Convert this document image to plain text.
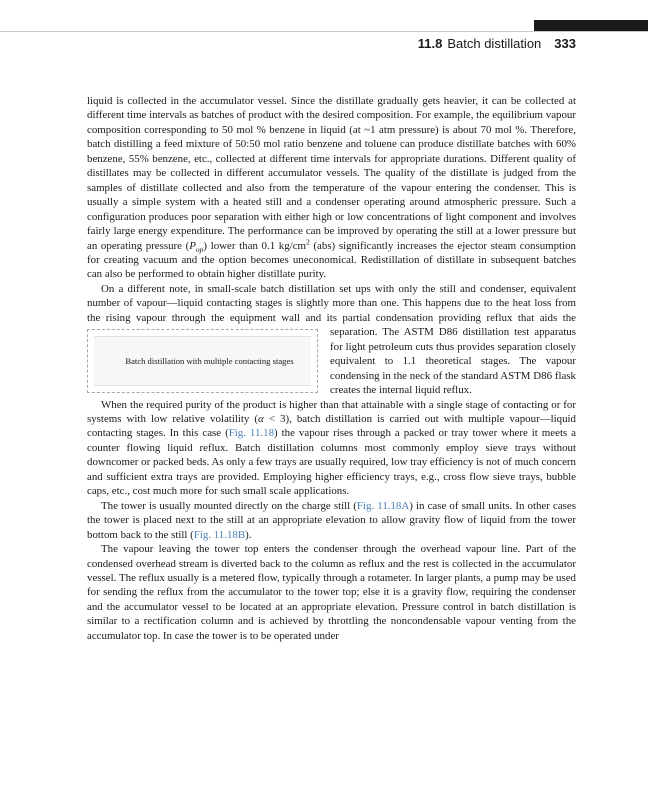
11.8 Batch distillation 333

liquid is collected in the accumulator vessel. Since the distillate gradually gets heavier, it can be collected at different time intervals as batches of product with the desired composition. For example, the equilibrium vapour composition corresponding to 50 mol % benzene in liquid (at ~1 atm pressure) is about 70 mol %. Therefore, batch distilling a feed mixture of 50:50 mol ratio benzene and toluene can produce distillate batches with 60% benzene, 55% benzene, etc., collected at different time intervals for appropriate durations. Different quality of distillates may be collected in different accumulator vessels. The quality of the distillate is judged from the samples of distillate collected and also from the temperature of the vapour entering the condenser. This is usually a simple system with a heated still and a condenser operating around atmospheric pressure. Such a configuration produces poor separation with either high or low concentrations of light component and involves fairly large energy expenditure. The performance can be improved by operating the still at a lower pressure but an operating pressure $(P_{op})$ lower than 0.1 $kg/cm^2$ (abs) significantly increases the ejector steam consumption for creating vacuum and the option becomes uneconomical. Redistillation of distillate in subsequent batches can also be performed to obtain higher distillate purity.

On a different note, in small-scale batch distillation set ups with only the still and condenser, equivalent number of vapour—liquid contacting stages is slightly more than one. This happens due to the heat loss from the rising vapour through the equipment wall and its partial condensation providing
Batch distillation with multiple contacting stages
reflux that aids the separation. The ASTM D86 distillation test apparatus for light petroleum cuts thus provides separation closely equivalent to 1.1 theoretical stages. The vapour condensing in the neck of the standard ASTM D86 flask creates the internal liquid reflux.

When the required purity of the product is higher than that attainable with a single stage of contacting or for systems with low relative volatility (α < 3), batch distillation is carried out with multiple vapour—liquid contacting stages. In this case (Fig. 11.18) the vapour rises through a packed or tray tower where it meets a counter flowing liquid reflux. Batch distillation columns most commonly employ sieve trays without downcomer or packed beds. As only a few trays are usually required, low tray efficiency is not of much concern and sufficient extra trays are provided. Employing higher efficiency trays, e.g., cross flow sieve trays, bubble caps, etc., cost much more for such small scale applications.

The tower is usually mounted directly on the charge still (Fig. 11.18A) in case of small units. In other cases the tower is placed next to the still at an appropriate elevation to allow gravity flow of liquid from the tower bottom back to the still (Fig. 11.18B).

The vapour leaving the tower top enters the condenser through the overhead vapour line. Part of the condensed overhead stream is diverted back to the column as reflux and the rest is collected in the accumulator vessel. The reflux usually is a metered flow, typically through a rotameter. In larger plants, a pump may be used for sending the reflux from the accumulator to the tower top; else it is a gravity flow, requiring the condenser and the accumulator vessel to be located at an appropriate elevation. Pressure control in batch distillation is similar to a rectification column and is achieved by throttling the noncondensable vapour venting from the accumulator top. In case the tower is to be operated under
